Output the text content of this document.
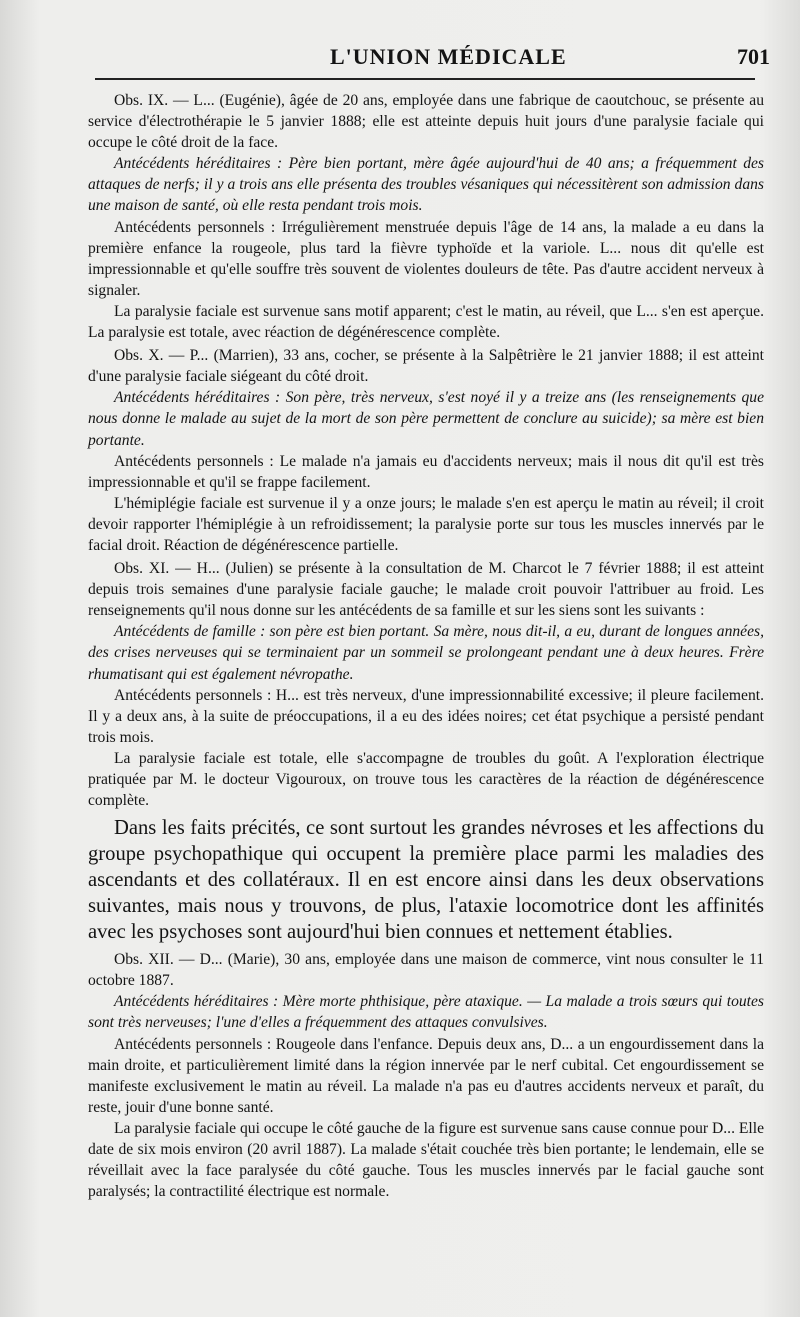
L'UNION MÉDICALE	701

Obs. IX. — L... (Eugénie), âgée de 20 ans, employée dans une fabrique de caoutchouc, se présente au service d'électrothérapie le 5 janvier 1888; elle est atteinte depuis huit jours d'une paralysie faciale qui occupe le côté droit de la face.

Antécédents héréditaires : Père bien portant, mère âgée aujourd'hui de 40 ans; a fréquemment des attaques de nerfs; il y a trois ans elle présenta des troubles vésaniques qui nécessitèrent son admission dans une maison de santé, où elle resta pendant trois mois.

Antécédents personnels : Irrégulièrement menstruée depuis l'âge de 14 ans, la malade a eu dans la première enfance la rougeole, plus tard la fièvre typhoïde et la variole. L... nous dit qu'elle est impressionnable et qu'elle souffre très souvent de violentes douleurs de tête. Pas d'autre accident nerveux à signaler.

La paralysie faciale est survenue sans motif apparent; c'est le matin, au réveil, que L... s'en est aperçue. La paralysie est totale, avec réaction de dégénérescence complète.

Obs. X. — P... (Marrien), 33 ans, cocher, se présente à la Salpêtrière le 21 janvier 1888; il est atteint d'une paralysie faciale siégeant du côté droit.

Antécédents héréditaires : Son père, très nerveux, s'est noyé il y a treize ans (les renseignements que nous donne le malade au sujet de la mort de son père permettent de conclure au suicide); sa mère est bien portante.

Antécédents personnels : Le malade n'a jamais eu d'accidents nerveux; mais il nous dit qu'il est très impressionnable et qu'il se frappe facilement.

L'hémiplégie faciale est survenue il y a onze jours; le malade s'en est aperçu le matin au réveil; il croit devoir rapporter l'hémiplégie à un refroidissement; la paralysie porte sur tous les muscles innervés par le facial droit. Réaction de dégénérescence partielle.

Obs. XI. — H... (Julien) se présente à la consultation de M. Charcot le 7 février 1888; il est atteint depuis trois semaines d'une paralysie faciale gauche; le malade croit pouvoir l'attribuer au froid. Les renseignements qu'il nous donne sur les antécédents de sa famille et sur les siens sont les suivants :

Antécédents de famille : son père est bien portant. Sa mère, nous dit-il, a eu, durant de longues années, des crises nerveuses qui se terminaient par un sommeil se prolongeant pendant une à deux heures. Frère rhumatisant qui est également névropathe.

Antécédents personnels : H... est très nerveux, d'une impressionnabilité excessive; il pleure facilement. Il y a deux ans, à la suite de préoccupations, il a eu des idées noires; cet état psychique a persisté pendant trois mois.

La paralysie faciale est totale, elle s'accompagne de troubles du goût. A l'exploration électrique pratiquée par M. le docteur Vigouroux, on trouve tous les caractères de la réaction de dégénérescence complète.

Dans les faits précités, ce sont surtout les grandes névroses et les affections du groupe psychopathique qui occupent la première place parmi les maladies des ascendants et des collatéraux. Il en est encore ainsi dans les deux observations suivantes, mais nous y trouvons, de plus, l'ataxie locomotrice dont les affinités avec les psychoses sont aujourd'hui bien connues et nettement établies.

Obs. XII. — D... (Marie), 30 ans, employée dans une maison de commerce, vint nous consulter le 11 octobre 1887.

Antécédents héréditaires : Mère morte phthisique, père ataxique. — La malade a trois sœurs qui toutes sont très nerveuses; l'une d'elles a fréquemment des attaques convulsives.

Antécédents personnels : Rougeole dans l'enfance. Depuis deux ans, D... a un engourdissement dans la main droite, et particulièrement limité dans la région innervée par le nerf cubital. Cet engourdissement se manifeste exclusivement le matin au réveil. La malade n'a pas eu d'autres accidents nerveux et paraît, du reste, jouir d'une bonne santé.

La paralysie faciale qui occupe le côté gauche de la figure est survenue sans cause connue pour D... Elle date de six mois environ (20 avril 1887). La malade s'était couchée très bien portante; le lendemain, elle se réveillait avec la face paralysée du côté gauche. Tous les muscles innervés par le facial gauche sont paralysés; la contractilité électrique est normale.
